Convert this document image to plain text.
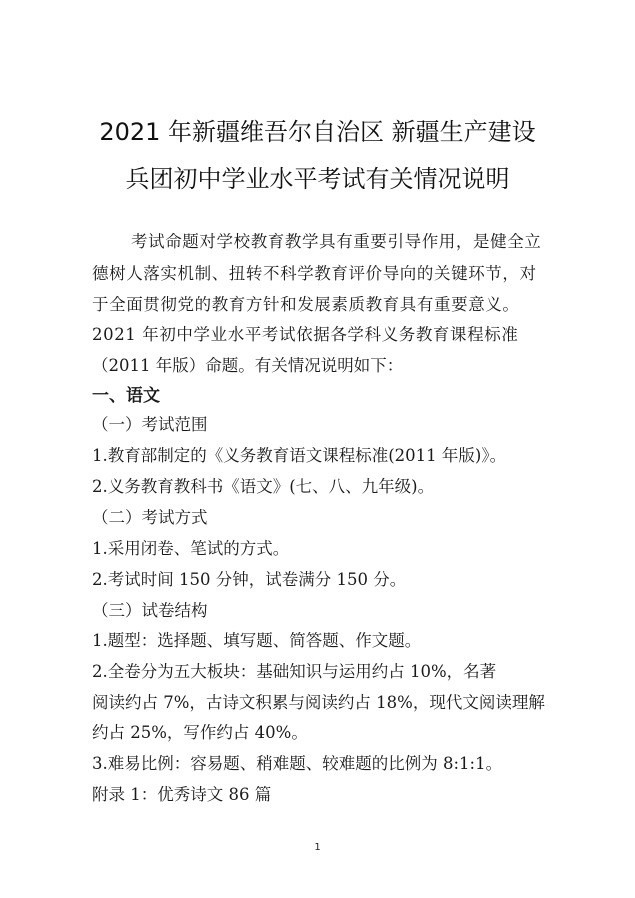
2021 年新疆维吾尔自治区 新疆生产建设
兵团初中学业水平考试有关情况说明
考试命题对学校教育教学具有重要引导作用，是健全立
德树人落实机制、扭转不科学教育评价导向的关键环节，对
于全面贯彻党的教育方针和发展素质教育具有重要意义。
2021 年初中学业水平考试依据各学科义务教育课程标准
（2011 年版）命题。有关情况说明如下：
一、语文
（一）考试范围
1.教育部制定的《义务教育语文课程标准(2011 年版)》。
2.义务教育教科书《语文》(七、八、九年级)。
（二）考试方式
1.采用闭卷、笔试的方式。
2.考试时间 150 分钟，试卷满分 150 分。
（三）试卷结构
1.题型：选择题、填写题、简答题、作文题。
2.全卷分为五大板块：基础知识与运用约占 10%，名著
阅读约占 7%，古诗文积累与阅读约占 18%，现代文阅读理解
约占 25%，写作约占 40%。
3.难易比例：容易题、稍难题、较难题的比例为 8:1:1。
附录 1：优秀诗文 86 篇
1
